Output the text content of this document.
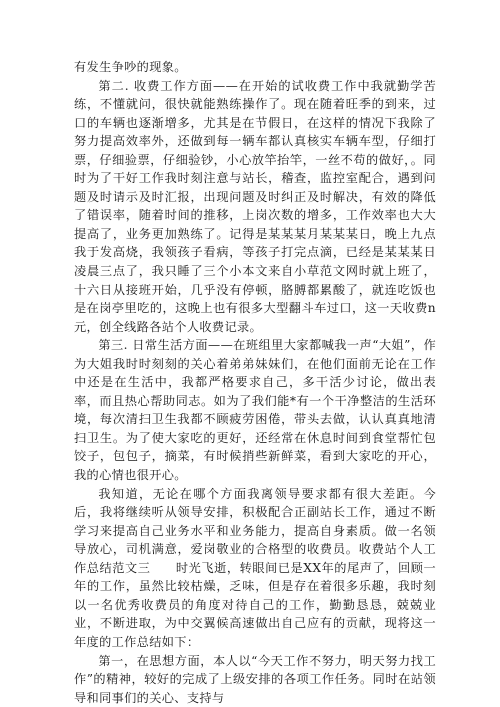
有发生争吵的现象。

第二. 收费工作方面——在开始的试收费工作中我就勤学苦练，不懂就问，很快就能熟练操作了。现在随着旺季的到来，过口的车辆也逐渐增多，尤其是在节假日，在这样的情况下我除了努力提高效率外，还做到每一辆车都认真核实车辆车型，仔细打票，仔细验票，仔细验钞，小心放竿抬竿，一丝不苟的做好，。同时为了干好工作我时刻注意与站长，稽查，监控室配合，遇到问题及时请示及时汇报，出现问题及时纠正及时解决，有效的降低了错误率，随着时间的推移，上岗次数的增多，工作效率也大大提高了，业务更加熟练了。记得是某某某月某某某日，晚上九点我于发高烧，我领孩子看病，等孩子打完点滴，已经是某某某日凌晨三点了，我只睡了三个小本文来自小草范文网时就上班了，十六日从接班开始，几乎没有停顿，胳膊都累酸了，就连吃饭也是在岗亭里吃的，这晚上也有很多大型翻斗车过口，这一天收费n元，创全线路各站个人收费记录。

第三. 日常生活方面——在班组里大家都喊我一声“大姐”，作为大姐我时时刻刻的关心着弟弟妹妹们，在他们面前无论在工作中还是在生活中，我都严格要求自己，多干活少讨论，做出表率，而且热心帮助同志。如为了我们能*有一个干净整洁的生活环境，每次清扫卫生我都不顾疲劳困倦，带头去做，认认真真地清扫卫生。为了使大家吃的更好，还经常在休息时间到食堂帮忙包饺子，包包子，摘菜，有时候捎些新鲜菜，看到大家吃的开心，我的心情也很开心。

我知道，无论在哪个方面我离领导要求都有很大差距。今后，我将继续听从领导安排，积极配合正副站长工作，通过不断学习来提高自己业务水平和业务能力，提高自身素质。做一名领导放心，司机满意，爱岗敬业的合格型的收费员。收费站个人工作总结范文三　　时光飞逝，转眼间已是XX年的尾声了，回顾一年的工作，虽然比较枯燥，乏味，但是存在着很多乐趣，我时刻以一名优秀收费员的角度对待自己的工作，勤勤恳恳，兢兢业业，不断进取，为中交翼候高速做出自己应有的贡献，现将这一年度的工作总结如下：

第一，在思想方面，本人以“今天工作不努力，明天努力找工作”的精神，较好的完成了上级安排的各项工作任务。同时在站领导和同事们的关心、支持与
